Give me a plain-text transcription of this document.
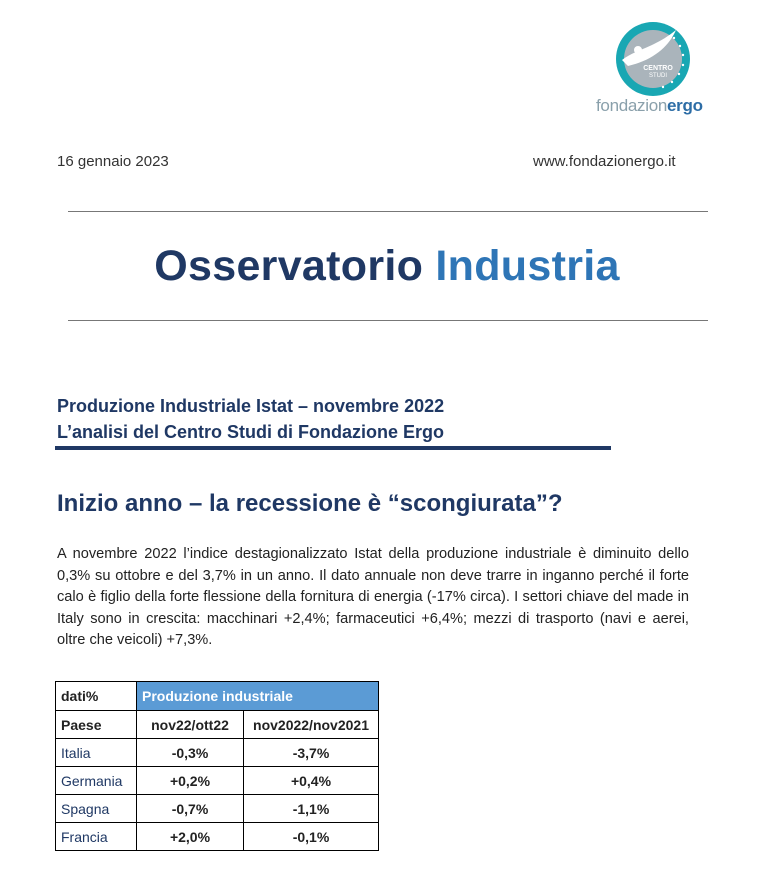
CENTRO
STUDI
fondazionergo
16 gennaio 2023	www.fondazionergo.it
Osservatorio Industria
Produzione Industriale Istat – novembre 2022
L’analisi del Centro Studi di Fondazione Ergo
Inizio anno – la recessione è “scongiurata”?
A novembre 2022 l’indice destagionalizzato Istat della produzione industriale è diminuito dello 0,3% su ottobre e del 3,7% in un anno. Il dato annuale non deve trarre in inganno perché il forte calo è figlio della forte flessione della fornitura di energia (-17% circa). I settori chiave del made in Italy sono in crescita: macchinari +2,4%; farmaceutici +6,4%; mezzi di trasporto (navi e aerei, oltre che veicoli) +7,3%.
dati%	Produzione industriale	
Paese	nov22/ott22	nov2022/nov2021
Italia	-0,3%	-3,7%
Germania	+0,2%	+0,4%
Spagna	-0,7%	-1,1%
Francia	+2,0%	-0,1%
